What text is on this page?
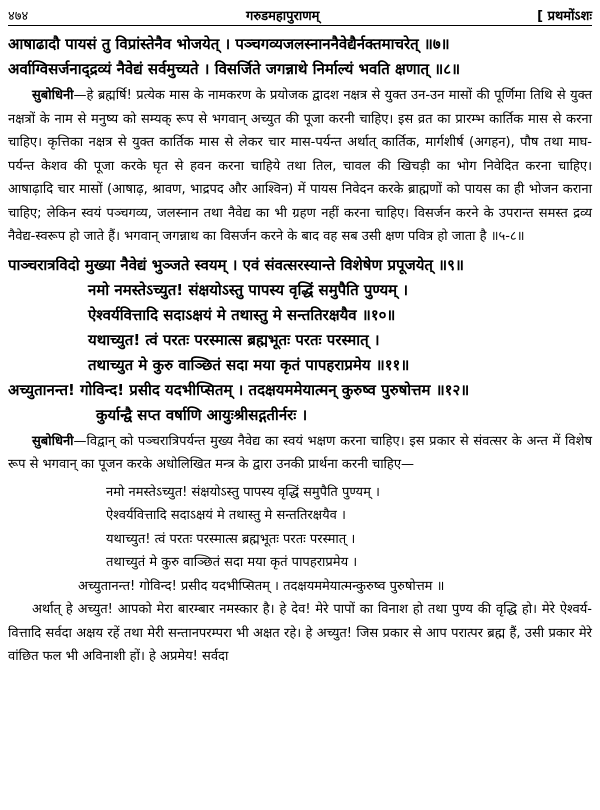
४७४	गरुडमहापुराणम्	[ प्रथमोंऽशः
आषाढादौ पायसं तु विप्रांस्तेनैव भोजयेत् । पञ्चगव्यजलस्नाननैवेद्यैर्नक्तमाचरेत् ॥७॥
अर्वाग्विसर्जनाद्द्रव्यं नैवेद्यं सर्वमुच्यते । विसर्जिते जगन्नाथे निर्माल्यं भवति क्षणात् ॥८॥
सुबोधिनी—हे ब्रह्मर्षि! प्रत्येक मास के नामकरण के प्रयोजक द्वादश नक्षत्र से युक्त उन-उन मासों की पूर्णिमा तिथि से युक्त नक्षत्रों के नाम से मनुष्य को सम्यक् रूप से भगवान् अच्युत की पूजा करनी चाहिए। इस व्रत का प्रारम्भ कार्तिक मास से करना चाहिए। कृत्तिका नक्षत्र से युक्त कार्तिक मास से लेकर चार मास-पर्यन्त अर्थात् कार्तिक, मार्गशीर्ष (अगहन), पौष तथा माघ-पर्यन्त केशव की पूजा करके घृत से हवन करना चाहिये तथा तिल, चावल की खिचड़ी का भोग निवेदित करना चाहिए। आषाढ़ादि चार मासों (आषाढ़, श्रावण, भाद्रपद और आश्विन) में पायस निवेदन करके ब्राह्मणों को पायस का ही भोजन कराना चाहिए; लेकिन स्वयं पञ्चगव्य, जलस्नान तथा नैवेद्य का भी ग्रहण नहीं करना चाहिए। विसर्जन करने के उपरान्त समस्त द्रव्य नैवेद्य-स्वरूप हो जाते हैं। भगवान् जगन्नाथ का विसर्जन करने के बाद वह सब उसी क्षण पवित्र हो जाता है ॥५-८॥
पाञ्चरात्रविदो मुख्या नैवेद्यं भुञ्जते स्वयम् । एवं संवत्सरस्यान्ते विशेषेण प्रपूजयेत् ॥९॥
नमो नमस्तेऽच्युत! संक्षयोऽस्तु पापस्य वृद्धिं समुपैति पुण्यम् ।
ऐश्वर्यवित्तादि सदाऽक्षयं मे तथास्तु मे सन्ततिरक्षयैव ॥१०॥
यथाच्युत! त्वं परतः परस्मात्स ब्रह्मभूतः परतः परस्मात् ।
तथाच्युत मे कुरु वाञ्छितं सदा मया कृतं पापहराप्रमेय ॥११॥
अच्युतानन्त! गोविन्द! प्रसीद यदभीप्सितम् । तदक्षयममेयात्मन् कुरुष्व पुरुषोत्तम ॥१२॥
कुर्यान्द्वै सप्त वर्षाणि आयुःश्रीसद्गतीर्नरः ।
सुबोधिनी—विद्वान् को पञ्चरात्रिपर्यन्त मुख्य नैवेद्य का स्वयं भक्षण करना चाहिए। इस प्रकार से संवत्सर के अन्त में विशेष रूप से भगवान् का पूजन करके अधोलिखित मन्त्र के द्वारा उनकी प्रार्थना करनी चाहिए—
नमो नमस्तेऽच्युत! संक्षयोऽस्तु पापस्य वृद्धिं समुपैति पुण्यम् ।
ऐश्वर्यवित्तादि सदाऽक्षयं मे तथास्तु मे सन्ततिरक्षयैव ।
यथाच्युत! त्वं परतः परस्मात्स ब्रह्मभूतः परतः परस्मात् ।
तथाच्युतं मे कुरु वाञ्छितं सदा मया कृतं पापहराप्रमेय ।
अच्युतानन्त! गोविन्द! प्रसीद यदभीप्सितम् । तदक्षयममेयात्मन्कुरुष्व पुरुषोत्तम ॥
अर्थात् हे अच्युत! आपको मेरा बारम्बार नमस्कार है। हे देव! मेरे पापों का विनाश हो तथा पुण्य की वृद्धि हो। मेरे ऐश्वर्य-वित्तादि सर्वदा अक्षय रहें तथा मेरी सन्तानपरम्परा भी अक्षत रहे। हे अच्युत! जिस प्रकार से आप परात्पर ब्रह्म हैं, उसी प्रकार मेरे वांछित फल भी अविनाशी हों। हे अप्रमेय! सर्वदा
